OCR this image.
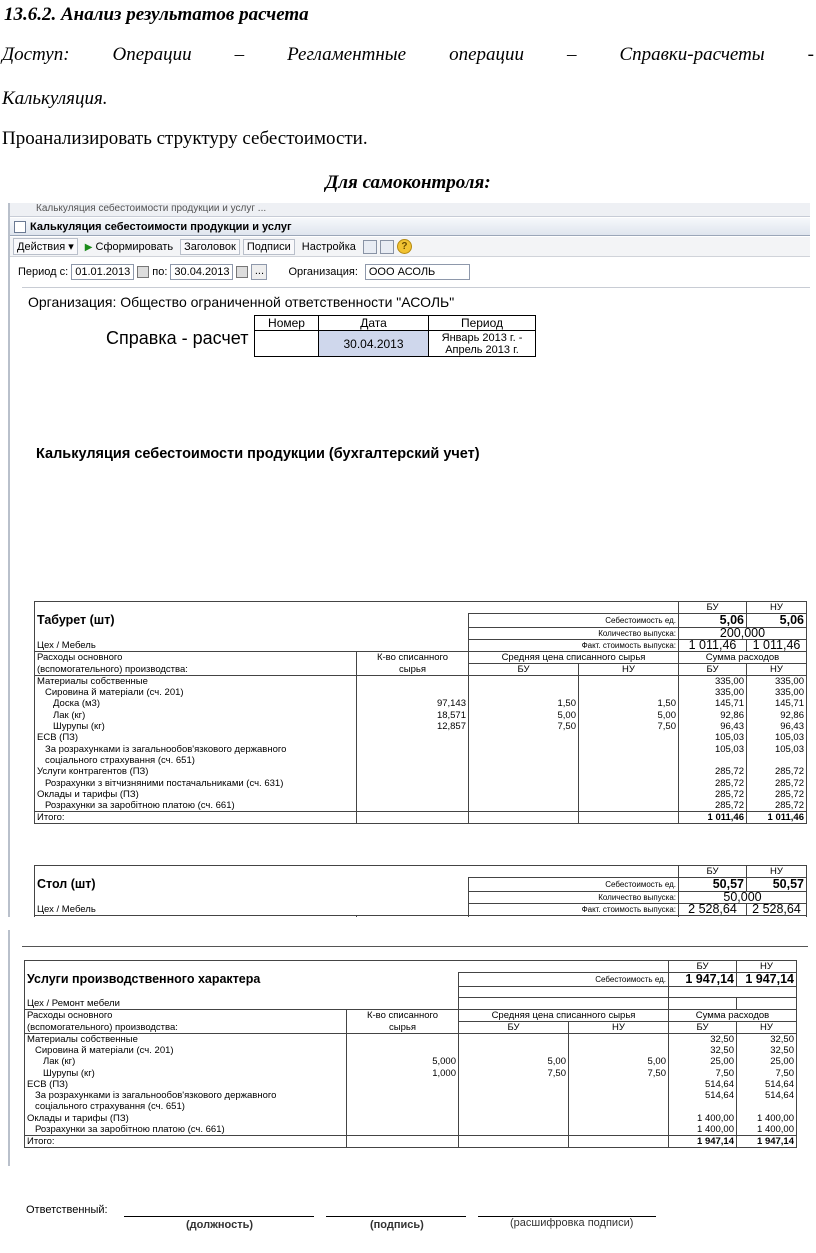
13.6.2. Анализ результатов расчета
Доступ: Операции – Регламентные операции – Справки-расчеты -
Калькуляция.
Проанализировать структуру себестоимости.
Для самоконтроля:
Калькуляция себестоимости продукции и услуг ...
Калькуляция себестоимости продукции и услуг
Действия ▾	▶ Сформировать	Заголовок	Подписи	Настройка	?
Период с: 01.01.2013	по: 30.04.2013	...	Организация:	ООО АСОЛЬ
Организация: Общество ограниченной ответственности "АСОЛЬ"
Справка - расчет
Номер	Дата	Период
	30.04.2013	Январь 2013 г. -
Апрель 2013 г.
Калькуляция себестоимости продукции (бухгалтерский учет)
				БУ	НУ
Табурет (шт)		Себестоимость ед.		5,06	5,06
		Количество выпуска:		200,000	
Цех / Мебель		Факт. стоимость выпуска:		1 011,46	1 011,46
Расходы основного	К-во списанного	Средняя цена списанного сырья		Сумма расходов	
(вспомогательного) производства:	сырья	БУ	НУ	БУ	НУ
Материалы собственные				335,00	335,00
Сировина й матеріали (сч. 201)				335,00	335,00
Доска (м3)	97,143	1,50	1,50	145,71	145,71
Лак (кг)	18,571	5,00	5,00	92,86	92,86
Шурупы (кг)	12,857	7,50	7,50	96,43	96,43
ЕСВ (ПЗ)				105,03	105,03
За розрахунками із загальнообов'язкового державного				105,03	105,03
соціального страхування (сч. 651)					
Услуги контрагентов (ПЗ)				285,72	285,72
Розрахунки з вітчизняними постачальниками (сч. 631)				285,72	285,72
Оклады и тарифы (ПЗ)				285,72	285,72
Розрахунки за заробітною платою (сч. 661)				285,72	285,72
Итого:				1 011,46	1 011,46
				БУ	НУ
Стол (шт)		Себестоимость ед.		50,57	50,57
		Количество выпуска:		50,000	
Цех / Мебель		Факт. стоимость выпуска:		2 528,64	2 528,64

				БУ	НУ
Услуги производственного характера		Себестоимость ед.		1 947,14	1 947,14

Цех / Ремонт мебели					
Расходы основного	К-во списанного	Средняя цена списанного сырья		Сумма расходов	
(вспомогательного) производства:	сырья	БУ	НУ	БУ	НУ
Материалы собственные				32,50	32,50
Сировина й матеріали (сч. 201)				32,50	32,50
Лак (кг)	5,000	5,00	5,00	25,00	25,00
Шурупы (кг)	1,000	7,50	7,50	7,50	7,50
ЕСВ (ПЗ)				514,64	514,64
За розрахунками із загальнообов'язкового державного				514,64	514,64
соціального страхування (сч. 651)					
Оклады и тарифы (ПЗ)				1 400,00	1 400,00
Розрахунки за заробітною платою (сч. 661)				1 400,00	1 400,00
Итого:				1 947,14	1 947,14
Ответственный:
(должность)	(подпись)	(расшифровка подписи)
